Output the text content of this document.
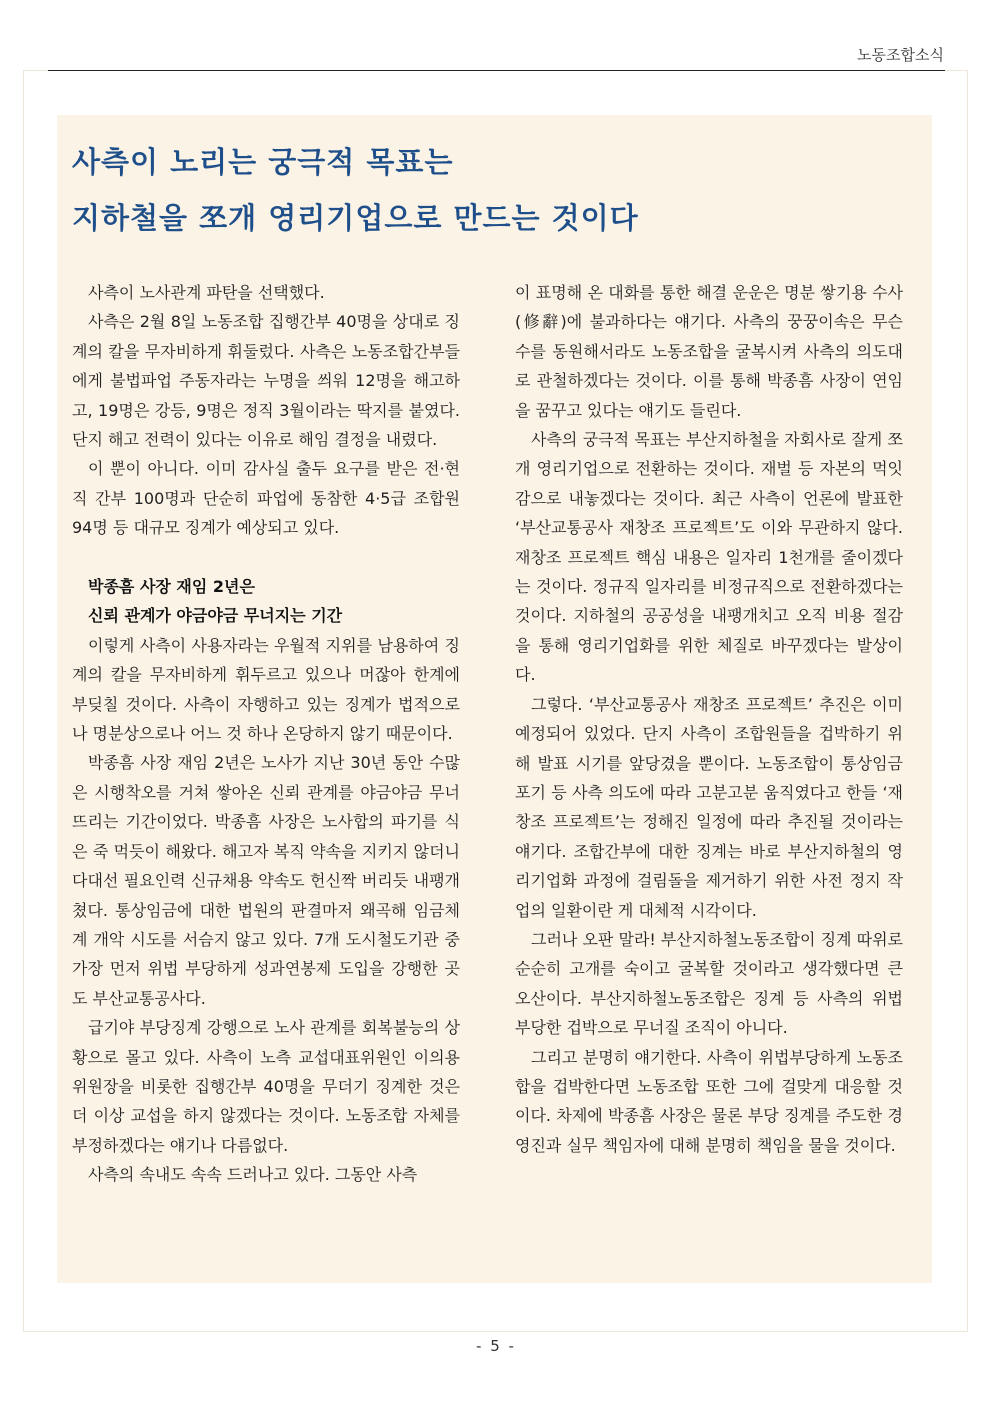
노동조합소식
사측이 노리는 궁극적 목표는
지하철을 쪼개 영리기업으로 만드는 것이다

사측이 노사관계 파탄을 선택했다.

사측은 2월 8일 노동조합 집행간부 40명을 상대로 징계의 칼을 무자비하게 휘둘렀다. 사측은 노동조합간부들에게 불법파업 주동자라는 누명을 씌워 12명을 해고하고, 19명은 강등, 9명은 정직 3월이라는 딱지를 붙였다. 단지 해고 전력이 있다는 이유로 해임 결정을 내렸다.

이 뿐이 아니다. 이미 감사실 출두 요구를 받은 전·현직 간부 100명과 단순히 파업에 동참한 4·5급 조합원 94명 등 대규모 징계가 예상되고 있다.

박종흠 사장 재임 2년은
신뢰 관계가 야금야금 무너지는 기간

이렇게 사측이 사용자라는 우월적 지위를 남용하여 징계의 칼을 무자비하게 휘두르고 있으나 머잖아 한계에 부딪칠 것이다. 사측이 자행하고 있는 징계가 법적으로나 명분상으로나 어느 것 하나 온당하지 않기 때문이다.

박종흠 사장 재임 2년은 노사가 지난 30년 동안 수많은 시행착오를 거쳐 쌓아온 신뢰 관계를 야금야금 무너뜨리는 기간이었다. 박종흠 사장은 노사합의 파기를 식은 죽 먹듯이 해왔다. 해고자 복직 약속을 지키지 않더니 다대선 필요인력 신규채용 약속도 헌신짝 버리듯 내팽개쳤다. 통상임금에 대한 법원의 판결마저 왜곡해 임금체계 개악 시도를 서슴지 않고 있다. 7개 도시철도기관 중 가장 먼저 위법 부당하게 성과연봉제 도입을 강행한 곳도 부산교통공사다.

급기야 부당징계 강행으로 노사 관계를 회복불능의 상황으로 몰고 있다. 사측이 노측 교섭대표위원인 이의용 위원장을 비롯한 집행간부 40명을 무더기 징계한 것은 더 이상 교섭을 하지 않겠다는 것이다. 노동조합 자체를 부정하겠다는 얘기나 다름없다.

사측의 속내도 속속 드러나고 있다. 그동안 사측

이 표명해 온 대화를 통한 해결 운운은 명분 쌓기용 수사(修辭)에 불과하다는 얘기다. 사측의 꿍꿍이속은 무슨 수를 동원해서라도 노동조합을 굴복시켜 사측의 의도대로 관철하겠다는 것이다. 이를 통해 박종흠 사장이 연임을 꿈꾸고 있다는 얘기도 들린다.

사측의 궁극적 목표는 부산지하철을 자회사로 잘게 쪼개 영리기업으로 전환하는 것이다. 재벌 등 자본의 먹잇감으로 내놓겠다는 것이다. 최근 사측이 언론에 발표한 ‘부산교통공사 재창조 프로젝트’도 이와 무관하지 않다. 재창조 프로젝트 핵심 내용은 일자리 1천개를 줄이겠다는 것이다. 정규직 일자리를 비정규직으로 전환하겠다는 것이다. 지하철의 공공성을 내팽개치고 오직 비용 절감을 통해 영리기업화를 위한 체질로 바꾸겠다는 발상이다.

그렇다. ‘부산교통공사 재창조 프로젝트’ 추진은 이미 예정되어 있었다. 단지 사측이 조합원들을 겁박하기 위해 발표 시기를 앞당겼을 뿐이다. 노동조합이 통상임금 포기 등 사측 의도에 따라 고분고분 움직였다고 한들 ‘재창조 프로젝트’는 정해진 일정에 따라 추진될 것이라는 얘기다. 조합간부에 대한 징계는 바로 부산지하철의 영리기업화 과정에 걸림돌을 제거하기 위한 사전 정지 작업의 일환이란 게 대체적 시각이다.

그러나 오판 말라! 부산지하철노동조합이 징계 따위로 순순히 고개를 숙이고 굴복할 것이라고 생각했다면 큰 오산이다. 부산지하철노동조합은 징계 등 사측의 위법 부당한 겁박으로 무너질 조직이 아니다.

그리고 분명히 얘기한다. 사측이 위법부당하게 노동조합을 겁박한다면 노동조합 또한 그에 걸맞게 대응할 것이다. 차제에 박종흠 사장은 물론 부당 징계를 주도한 경영진과 실무 책임자에 대해 분명히 책임을 물을 것이다.

- 5 -
